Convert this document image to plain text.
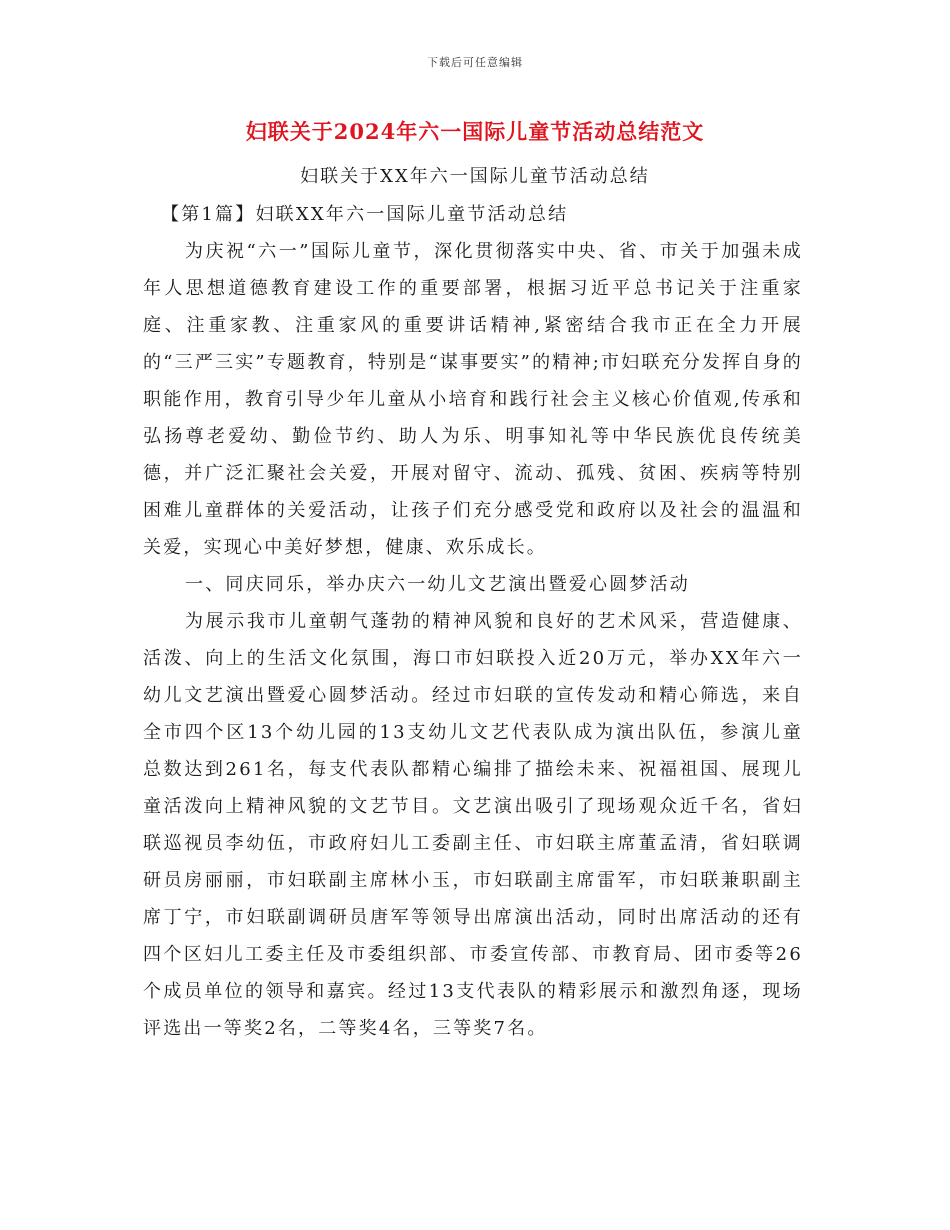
下载后可任意编辑
妇联关于2024年六一国际儿童节活动总结范文
妇联关于XX年六一国际儿童节活动总结

【第1篇】妇联XX年六一国际儿童节活动总结

为庆祝“六一”国际儿童节，深化贯彻落实中央、省、市关于加强未成年人思想道德教育建设工作的重要部署，根据习近平总书记关于注重家庭、注重家教、注重家风的重要讲话精神,紧密结合我市正在全力开展的“三严三实”专题教育，特别是“谋事要实”的精神;市妇联充分发挥自身的职能作用，教育引导少年儿童从小培育和践行社会主义核心价值观,传承和弘扬尊老爱幼、勤俭节约、助人为乐、明事知礼等中华民族优良传统美德，并广泛汇聚社会关爱，开展对留守、流动、孤残、贫困、疾病等特别困难儿童群体的关爱活动，让孩子们充分感受党和政府以及社会的温温和关爱，实现心中美好梦想，健康、欢乐成长。

一、同庆同乐，举办庆六一幼儿文艺演出暨爱心圆梦活动

为展示我市儿童朝气蓬勃的精神风貌和良好的艺术风采，营造健康、活泼、向上的生活文化氛围，海口市妇联投入近20万元，举办XX年六一幼儿文艺演出暨爱心圆梦活动。经过市妇联的宣传发动和精心筛选，来自全市四个区13个幼儿园的13支幼儿文艺代表队成为演出队伍，参演儿童总数达到261名，每支代表队都精心编排了描绘未来、祝福祖国、展现儿童活泼向上精神风貌的文艺节目。文艺演出吸引了现场观众近千名，省妇联巡视员李幼伍，市政府妇儿工委副主任、市妇联主席董孟清，省妇联调研员房丽丽，市妇联副主席林小玉，市妇联副主席雷军，市妇联兼职副主席丁宁，市妇联副调研员唐军等领导出席演出活动，同时出席活动的还有四个区妇儿工委主任及市委组织部、市委宣传部、市教育局、团市委等26个成员单位的领导和嘉宾。经过13支代表队的精彩展示和激烈角逐，现场评选出一等奖2名，二等奖4名，三等奖7名。
